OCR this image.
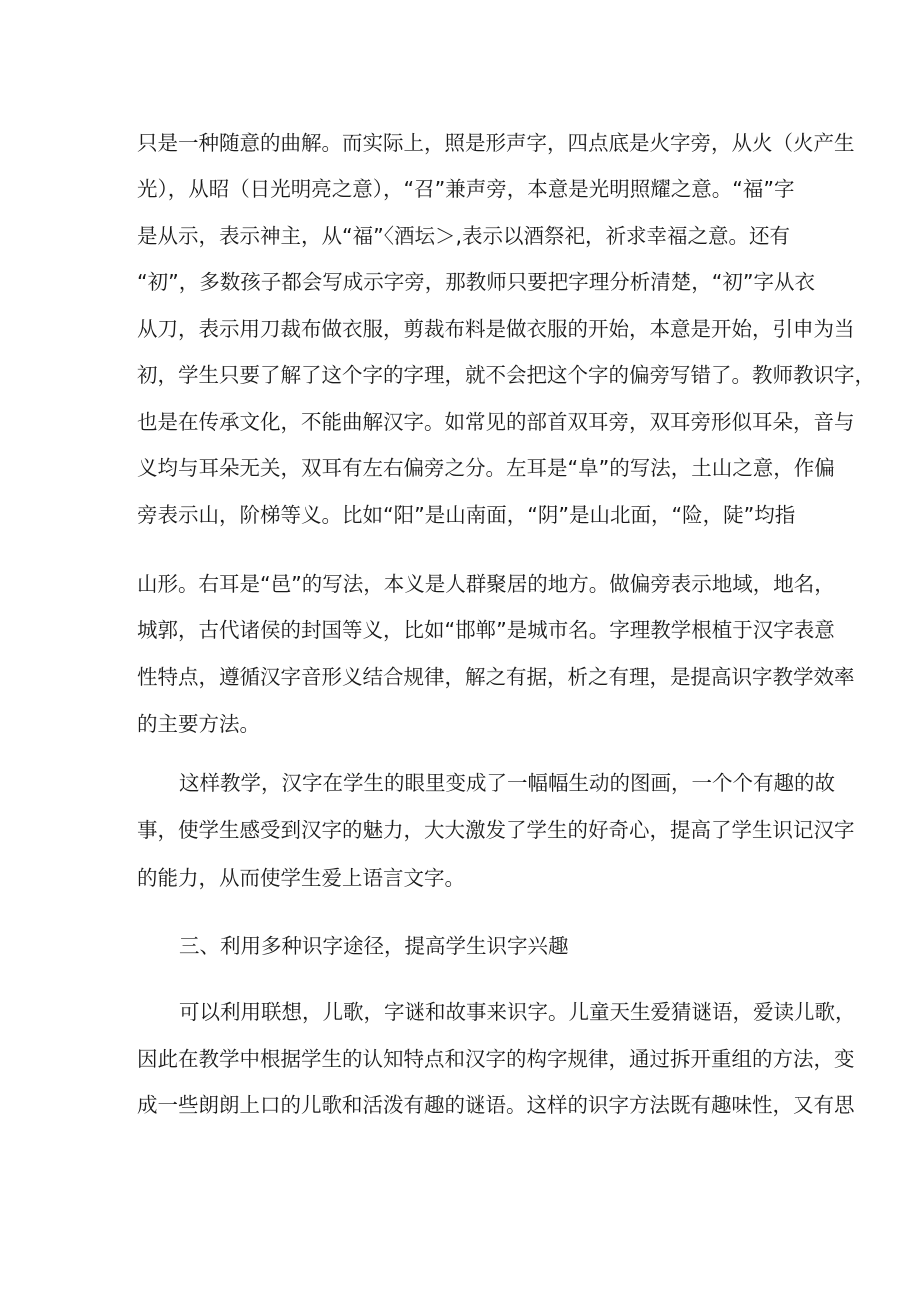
只是一种随意的曲解。而实际上，照是形声字，四点底是火字旁，从火（火产生
光），从昭（日光明亮之意），“召”兼声旁，本意是光明照耀之意。“福”字
是从示，表示神主，从“福”〈酒坛＞,表示以酒祭祀，祈求幸福之意。还有
“初”，多数孩子都会写成示字旁，那教师只要把字理分析清楚，“初”字从衣
从刀，表示用刀裁布做衣服，剪裁布料是做衣服的开始，本意是开始，引申为当
初，学生只要了解了这个字的字理，就不会把这个字的偏旁写错了。教师教识字，
也是在传承文化，不能曲解汉字。如常见的部首双耳旁，双耳旁形似耳朵，音与
义均与耳朵无关，双耳有左右偏旁之分。左耳是“阜”的写法，土山之意，作偏
旁表示山，阶梯等义。比如“阳”是山南面，“阴”是山北面，“险，陡”均指
山形。右耳是“邑”的写法，本义是人群聚居的地方。做偏旁表示地域，地名，
城郭，古代诸侯的封国等义，比如“邯郸”是城市名。字理教学根植于汉字表意
性特点，遵循汉字音形义结合规律，解之有据，析之有理，是提高识字教学效率
的主要方法。
这样教学，汉字在学生的眼里变成了一幅幅生动的图画，一个个有趣的故
事，使学生感受到汉字的魅力，大大激发了学生的好奇心，提高了学生识记汉字
的能力，从而使学生爱上语言文字。
三、利用多种识字途径，提高学生识字兴趣
可以利用联想，儿歌，字谜和故事来识字。儿童天生爱猜谜语，爱读儿歌，
因此在教学中根据学生的认知特点和汉字的构字规律，通过拆开重组的方法，变
成一些朗朗上口的儿歌和活泼有趣的谜语。这样的识字方法既有趣味性，又有思
